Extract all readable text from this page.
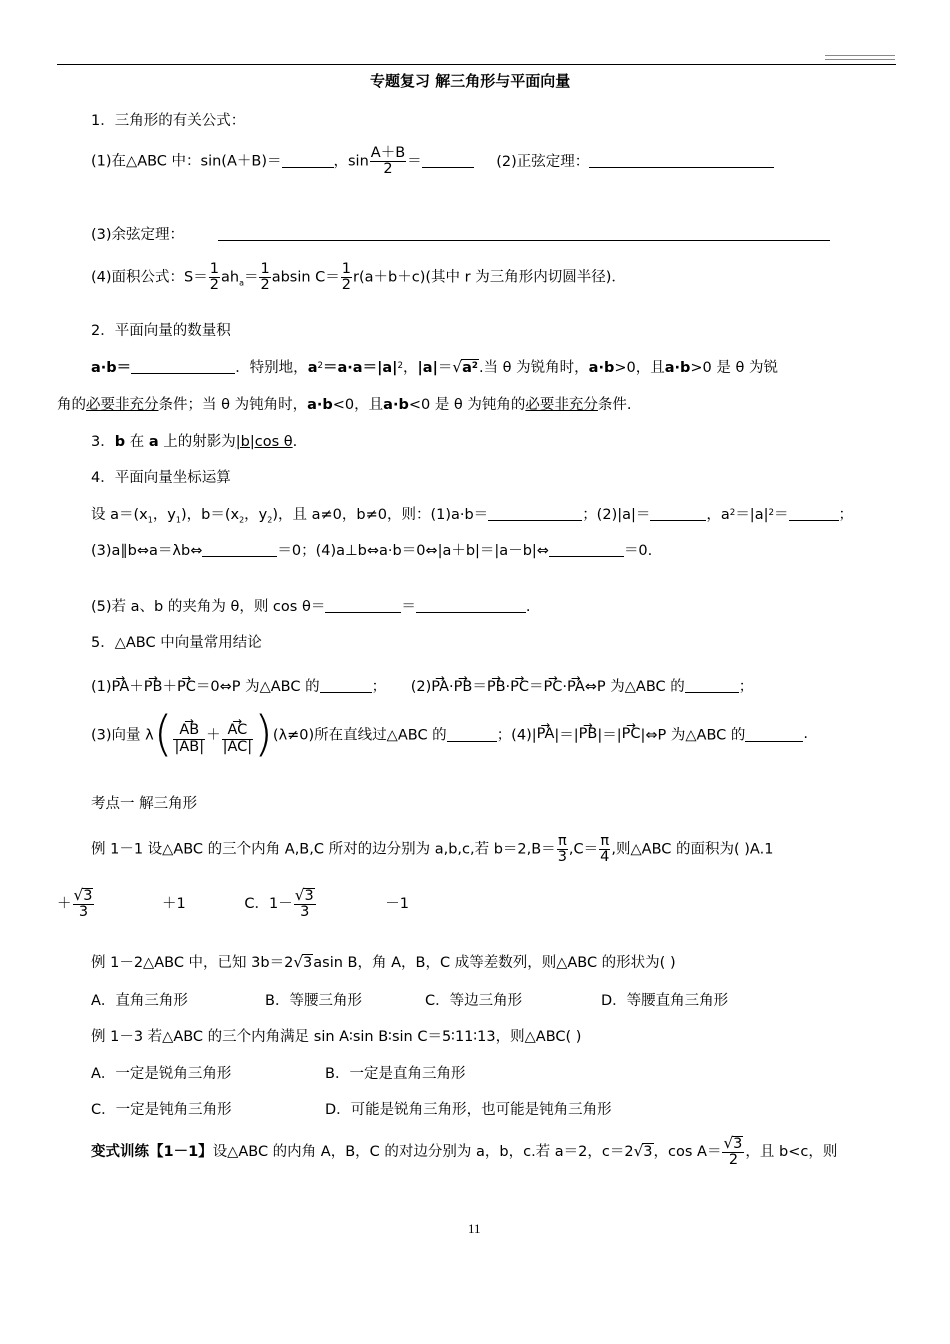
专题复习 解三角形与平面向量
1．三角形的有关公式：
(1)在△ABC 中：sin(A＋B)＝	，$\sin \frac{A+B}{2}$ ＝	(2)正弦定理：
(3)余弦定理：
(4)面积公式：$S= \frac{1}{2} ah_a= \frac{1}{2}$ absin $C= \frac{1}{2} r(a+b+c)$(其中 r 为三角形内切圆半径)．
2．平面向量的数量积
a·b＝	．特别地，$a^2=a\cdot a=|a|^2$，$|a|=√a^2$.当 θ 为锐角时，a·b>0，且a·b>0 是 θ 为锐
角的必要非充分条件；当 θ 为钝角时，a·b<0，且a·b<0 是 θ 为钝角的必要非充分条件.
3．b 在 a 上的射影为|b|cos θ.
4．平面向量坐标运算
设 $a=(x_1$，$y_1$)，$b=(x_2$，$y_2$)，且 a≠0，b≠0，则：(1)a·b＝	；(2)|a|＝	，$a^2=|a|^2=$	；
(3)a∥b⇔a＝λb⇔	＝0；(4)a⊥b⇔a·b＝0⇔|a＋b|＝|a－b|⇔	＝0.
(5)若 a、b 的夹角为 θ，则 cos θ＝	＝	.
5．△ABC 中向量常用结论
(1)→ PA＋→ PB＋→ PC＝0⇔P 为△ABC 的	； (2)→ PA·→ PB＝→ PB·→ PC＝→ PC·→ PA⇔P 为△ABC 的	；
(3)向量 λ(
→ $\frac{AB}{|AB|}$ ＋
→ $\frac{AC}{|AC|} )(\lambda\ne 0)$所在直线过△ABC 的	；(4)|→ PA|＝|→ PB|＝|→ PC|⇔P 为△ABC 的	.
考点一 解三角形
例 1－1 设△ABC 的三个内角 A,B,C 所对的边分别为 a,b,c,若 $b=2,B= \frac{\pi}{3} ,C= \frac{\pi}{4}$ ,则△ABC 的面积为( )A.1
＋ $\frac{√3}{3}$	＋1	C．$1- \frac{√3}{3}$	－1
例 1－2△ABC 中，已知 3b＝2√3asin B，角 A，B，C 成等差数列，则△ABC 的形状为( )
A．直角三角形	B．等腰三角形	C．等边三角形	D．等腰直角三角形
例 1－3 若△ABC 的三个内角满足 sin A∶sin B∶sin C＝5∶11∶13，则△ABC( )
A．一定是锐角三角形	B．一定是直角三角形
C．一定是钝角三角形	D．可能是锐角三角形，也可能是钝角三角形
变式训练【1－1】设△ABC 的内角 A，B，C 的对边分别为 a，b，c.若 a＝2，c＝2√3，$\cos A= \frac{√3}{2}$ ，且 b<c，则
11
